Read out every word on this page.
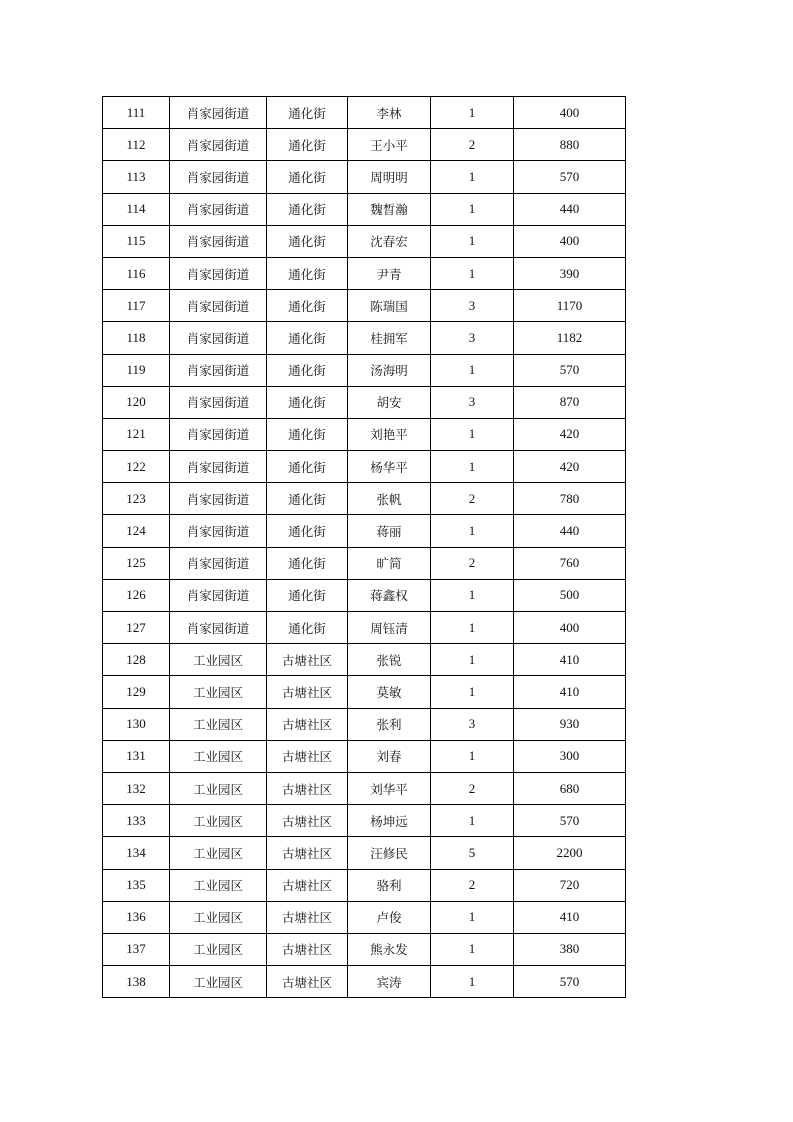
111	肖家园街道	通化街	李林	1	400
112	肖家园街道	通化街	王小平	2	880
113	肖家园街道	通化街	周明明	1	570
114	肖家园街道	通化街	魏晳瀚	1	440
115	肖家园街道	通化街	沈春宏	1	400
116	肖家园街道	通化街	尹青	1	390
117	肖家园街道	通化街	陈瑞国	3	1170
118	肖家园街道	通化街	桂拥军	3	1182
119	肖家园街道	通化街	汤海明	1	570
120	肖家园街道	通化街	胡安	3	870
121	肖家园街道	通化街	刘艳平	1	420
122	肖家园街道	通化街	杨华平	1	420
123	肖家园街道	通化街	张帆	2	780
124	肖家园街道	通化街	蒋丽	1	440
125	肖家园街道	通化街	旷简	2	760
126	肖家园街道	通化街	蒋鑫权	1	500
127	肖家园街道	通化街	周钰清	1	400
128	工业园区	古塘社区	张锐	1	410
129	工业园区	古塘社区	莫敏	1	410
130	工业园区	古塘社区	张利	3	930
131	工业园区	古塘社区	刘春	1	300
132	工业园区	古塘社区	刘华平	2	680
133	工业园区	古塘社区	杨坤远	1	570
134	工业园区	古塘社区	汪修民	5	2200
135	工业园区	古塘社区	骆利	2	720
136	工业园区	古塘社区	卢俊	1	410
137	工业园区	古塘社区	熊永发	1	380
138	工业园区	古塘社区	宾涛	1	570
